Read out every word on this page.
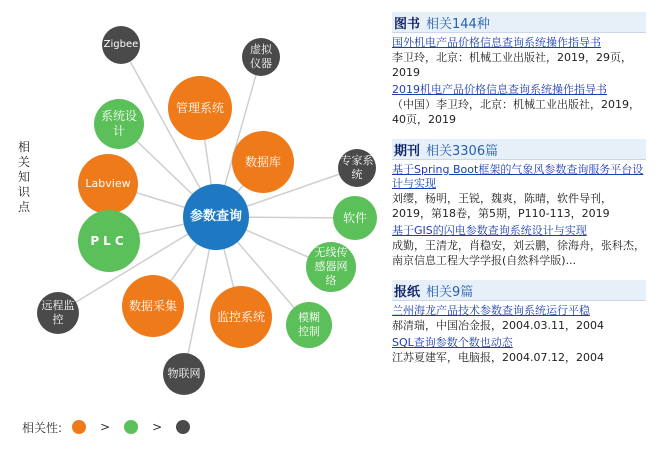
相关知识点
Zigbee	虚拟仪器
管理系统
系统设计
数据库	专家系统
Labview
软件
PLC
无线传感器网络
远程监控
数据采集
监控系统	模糊控制
物联网
参数查询
相关性:	>	>
图书 相关144种
国外机电产品价格信息查询系统操作指导书
李卫玲，北京：机械工业出版社，2019，29页，2019
2019机电产品价格信息查询系统操作指导书
（中国）李卫玲，北京：机械工业出版社，2019，40页，2019
期刊 相关3306篇
基于Spring Boot框架的气象风参数查询服务平台设计与实现
刘缨，杨明，王锐，魏爽，陈晴，软件导刊，2019，第18卷，第5期，P110-113，2019
基于GIS的闪电参数查询系统设计与实现
成勤，王清龙，肖稳安，刘云鹏，徐海舟，张科杰，南京信息工程大学学报(自然科学版)...
报纸 相关9篇
兰州海龙产品技术参数查询系统运行平稳
郝清瑞，中国冶金报，2004.03.11，2004
SQL查询参数个数也动态
江苏夏建军，电脑报，2004.07.12，2004
